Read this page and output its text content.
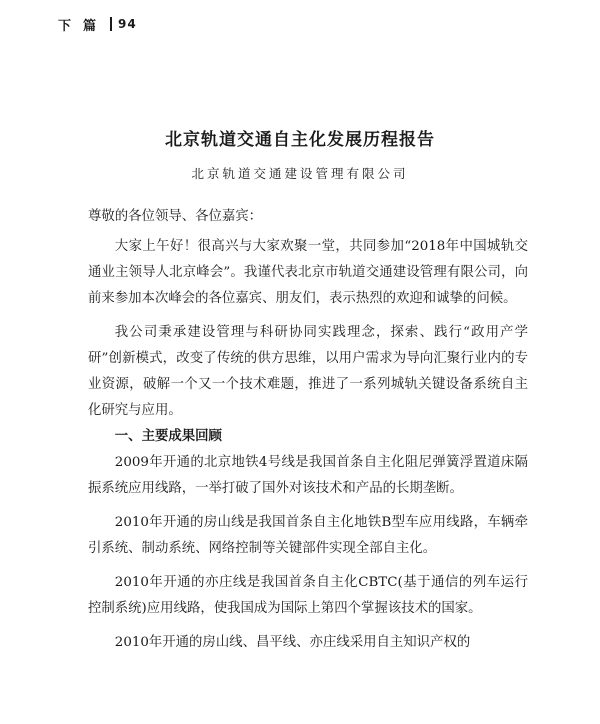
下篇 94
北京轨道交通自主化发展历程报告
北京轨道交通建设管理有限公司

尊敬的各位领导、各位嘉宾：

大家上午好！很高兴与大家欢聚一堂，共同参加“2018年中国城轨交通业主领导人北京峰会”。我谨代表北京市轨道交通建设管理有限公司，向前来参加本次峰会的各位嘉宾、朋友们，表示热烈的欢迎和诚挚的问候。

我公司秉承建设管理与科研协同实践理念，探索、践行“政用产学研”创新模式，改变了传统的供方思维，以用户需求为导向汇聚行业内的专业资源，破解一个又一个技术难题，推进了一系列城轨关键设备系统自主化研究与应用。

一、主要成果回顾

2009年开通的北京地铁4号线是我国首条自主化阻尼弹簧浮置道床隔振系统应用线路，一举打破了国外对该技术和产品的长期垄断。

2010年开通的房山线是我国首条自主化地铁B型车应用线路，车辆牵引系统、制动系统、网络控制等关键部件实现全部自主化。

2010年开通的亦庄线是我国首条自主化CBTC(基于通信的列车运行控制系统)应用线路，使我国成为国际上第四个掌握该技术的国家。

2010年开通的房山线、昌平线、亦庄线采用自主知识产权的
